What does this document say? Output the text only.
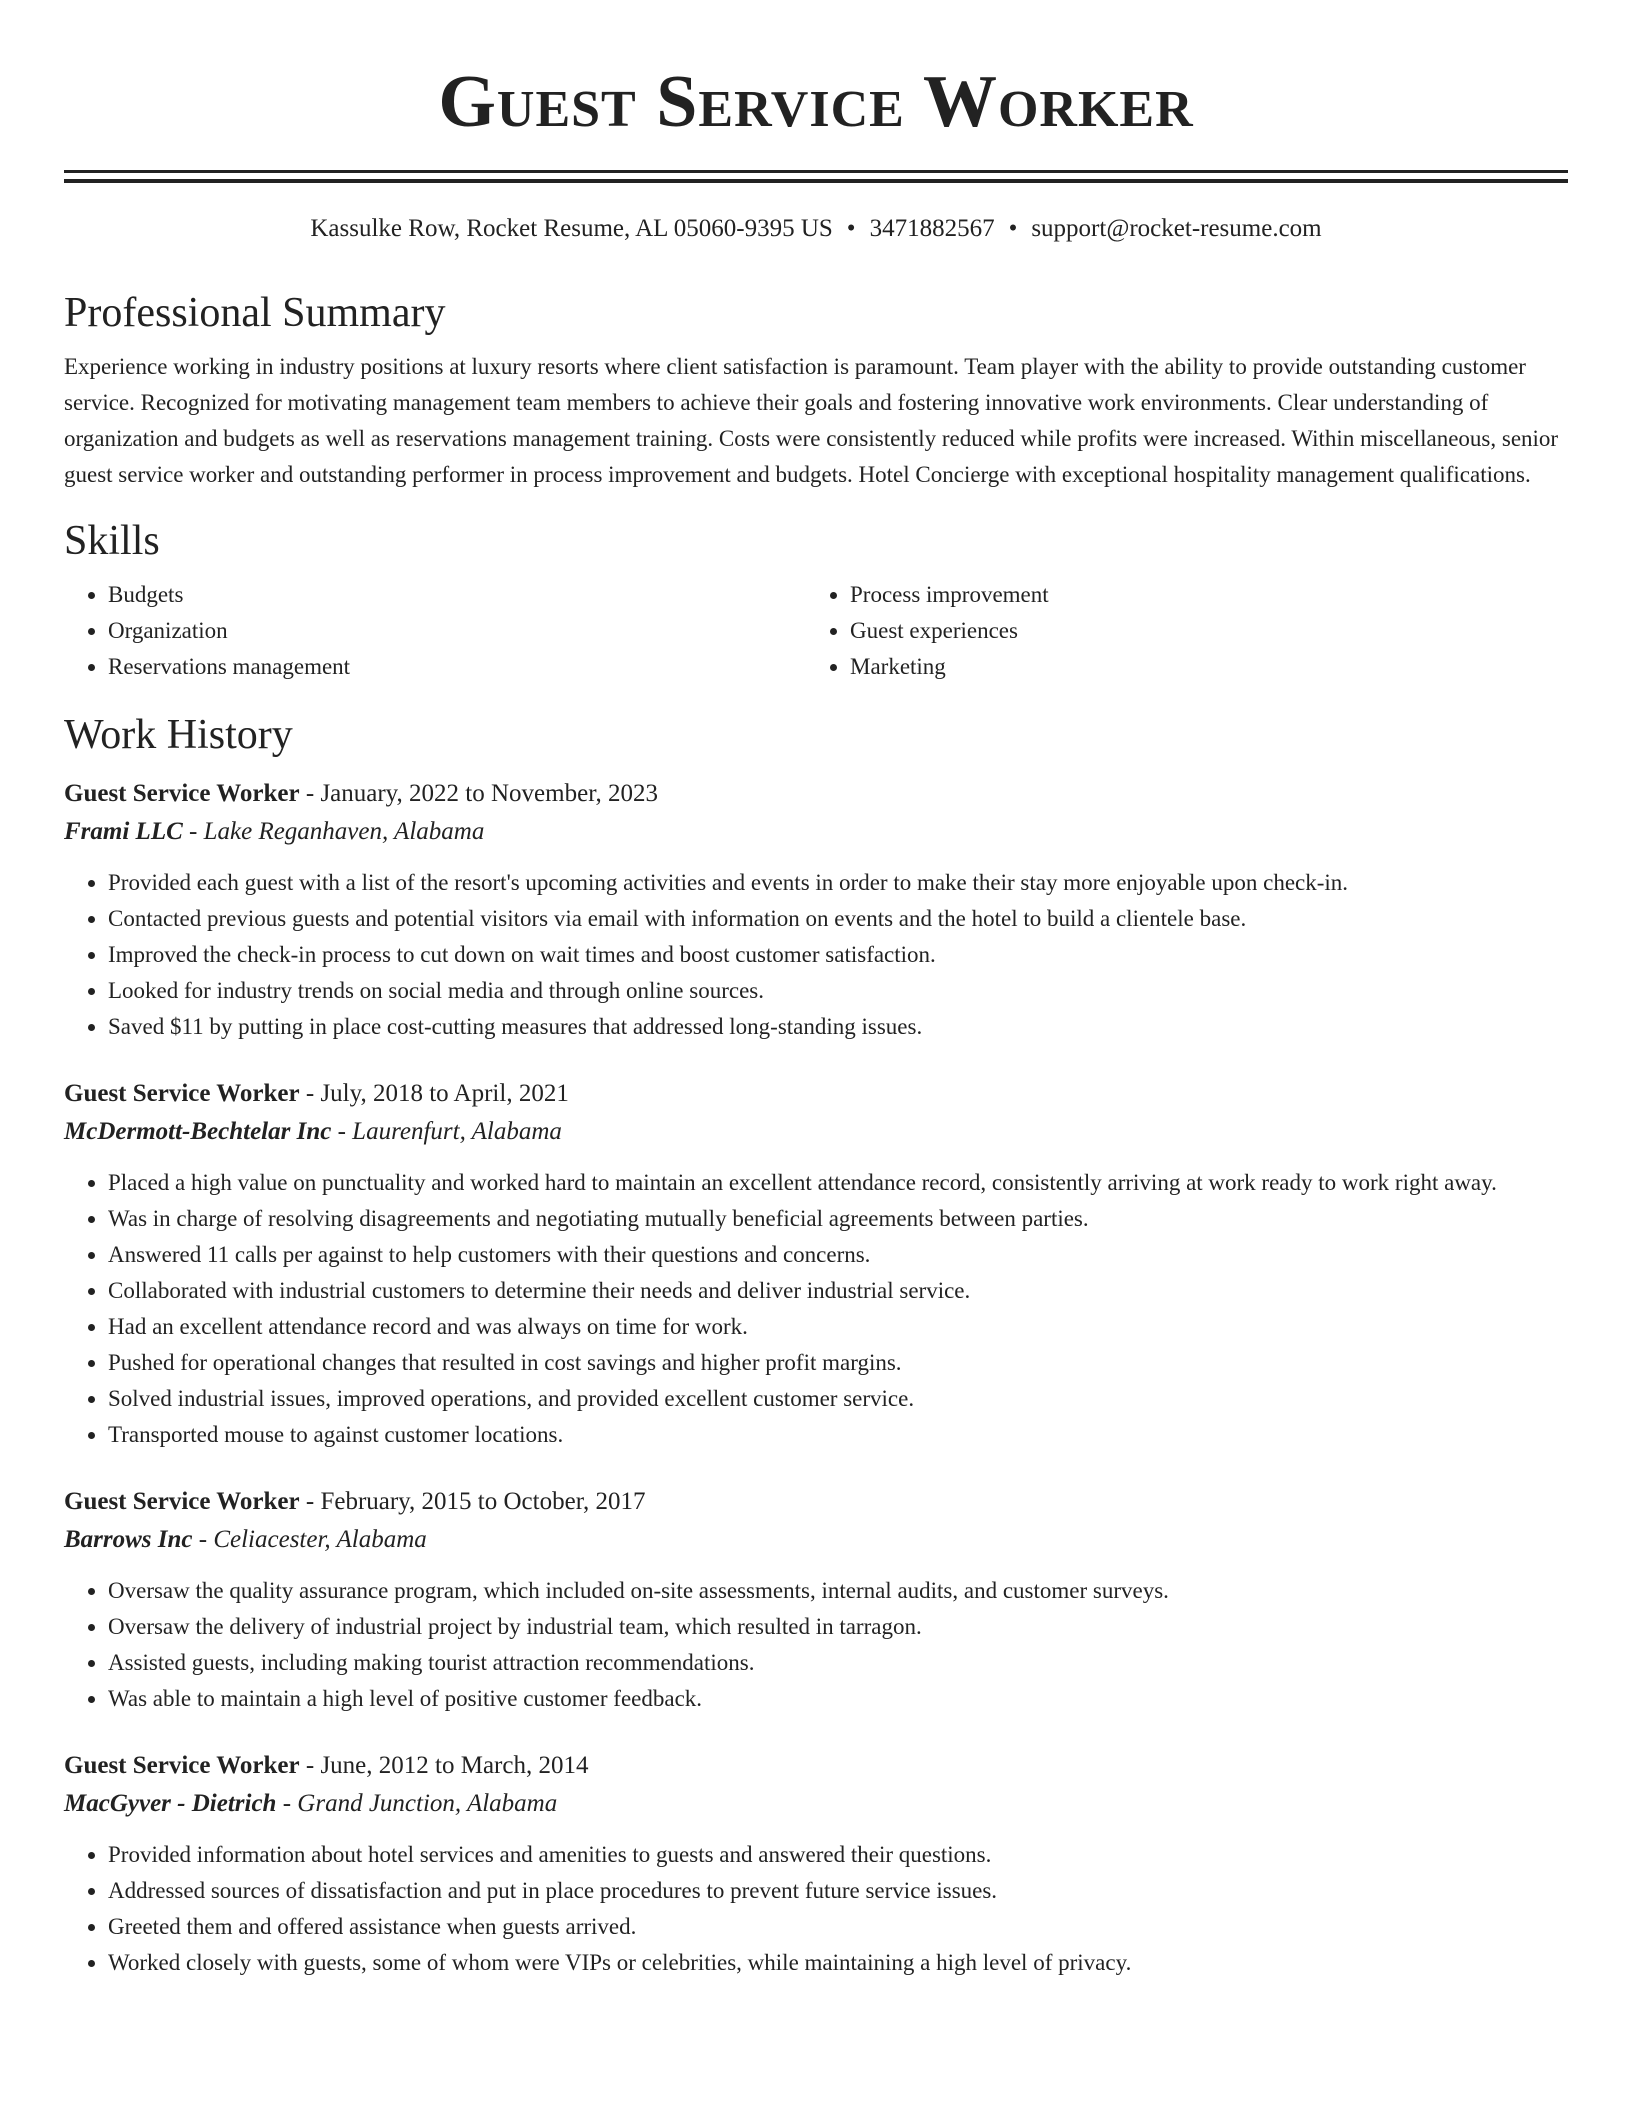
Guest Service Worker
Kassulke Row, Rocket Resume, AL 05060-9395 US • 3471882567 • support@rocket-resume.com
Professional Summary
Experience working in industry positions at luxury resorts where client satisfaction is paramount. Team player with the ability to provide outstanding customer service. Recognized for motivating management team members to achieve their goals and fostering innovative work environments. Clear understanding of organization and budgets as well as reservations management training. Costs were consistently reduced while profits were increased. Within miscellaneous, senior guest service worker and outstanding performer in process improvement and budgets. Hotel Concierge with exceptional hospitality management qualifications.
Skills
• Budgets
• Organization
• Reservations management
• Process improvement
• Guest experiences
• Marketing
Work History
Guest Service Worker - January, 2022 to November, 2023
Frami LLC - Lake Reganhaven, Alabama
• Provided each guest with a list of the resort's upcoming activities and events in order to make their stay more enjoyable upon check-in.
• Contacted previous guests and potential visitors via email with information on events and the hotel to build a clientele base.
• Improved the check-in process to cut down on wait times and boost customer satisfaction.
• Looked for industry trends on social media and through online sources.
• Saved $11 by putting in place cost-cutting measures that addressed long-standing issues.
Guest Service Worker - July, 2018 to April, 2021
McDermott-Bechtelar Inc - Laurenfurt, Alabama
• Placed a high value on punctuality and worked hard to maintain an excellent attendance record, consistently arriving at work ready to work right away.
• Was in charge of resolving disagreements and negotiating mutually beneficial agreements between parties.
• Answered 11 calls per against to help customers with their questions and concerns.
• Collaborated with industrial customers to determine their needs and deliver industrial service.
• Had an excellent attendance record and was always on time for work.
• Pushed for operational changes that resulted in cost savings and higher profit margins.
• Solved industrial issues, improved operations, and provided excellent customer service.
• Transported mouse to against customer locations.
Guest Service Worker - February, 2015 to October, 2017
Barrows Inc - Celiacester, Alabama
• Oversaw the quality assurance program, which included on-site assessments, internal audits, and customer surveys.
• Oversaw the delivery of industrial project by industrial team, which resulted in tarragon.
• Assisted guests, including making tourist attraction recommendations.
• Was able to maintain a high level of positive customer feedback.
Guest Service Worker - June, 2012 to March, 2014
MacGyver - Dietrich - Grand Junction, Alabama
• Provided information about hotel services and amenities to guests and answered their questions.
• Addressed sources of dissatisfaction and put in place procedures to prevent future service issues.
• Greeted them and offered assistance when guests arrived.
• Worked closely with guests, some of whom were VIPs or celebrities, while maintaining a high level of privacy.
